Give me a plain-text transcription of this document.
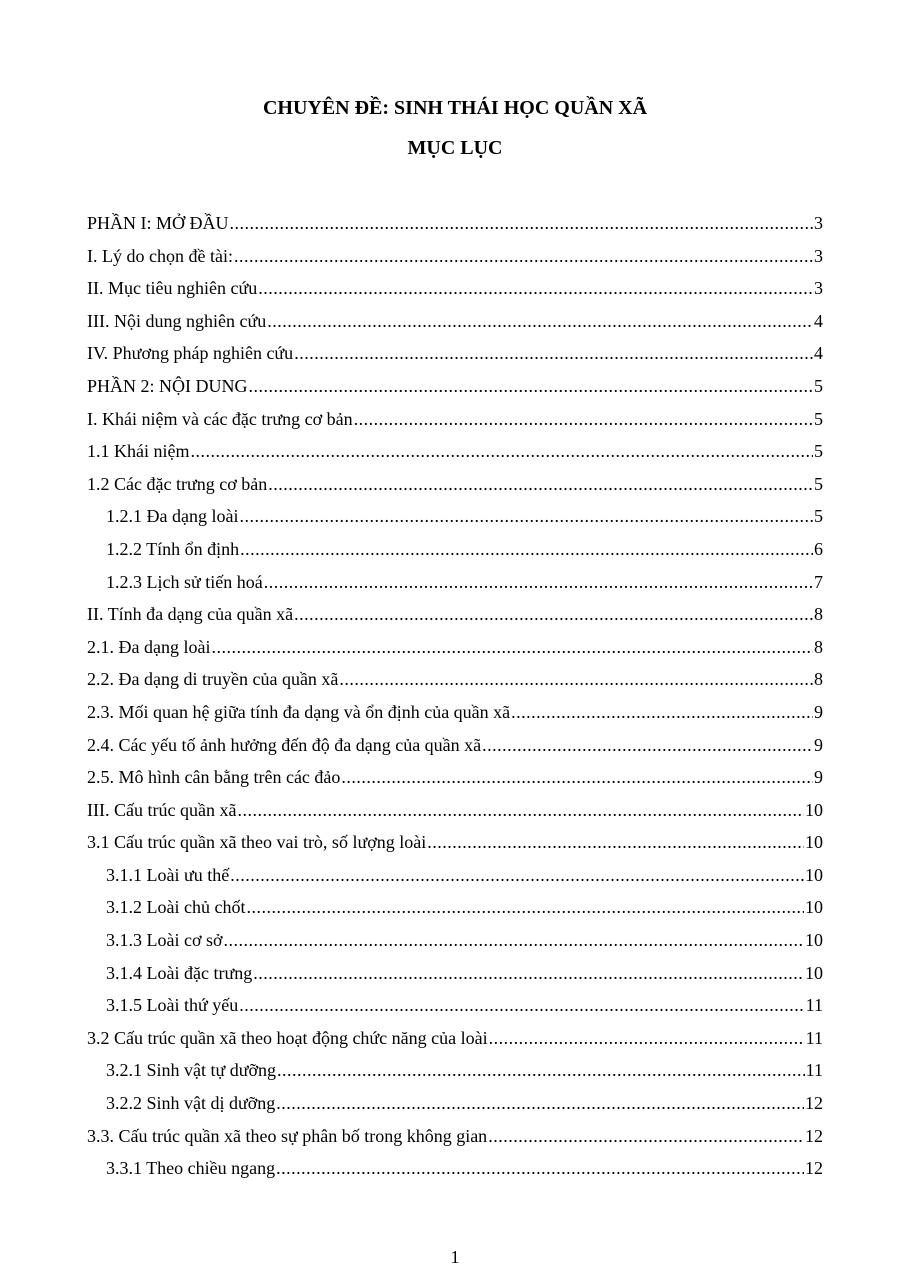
CHUYÊN ĐỀ: SINH THÁI HỌC QUẦN XÃ
MỤC LỤC
PHẦN I: MỞ ĐẦU .....	3
I. Lý do chọn đề tài: .....	3
II. Mục tiêu nghiên cứu .....	3
III. Nội dung nghiên cứu .....	4
IV. Phương pháp nghiên cứu .....	4
PHẦN 2: NỘI DUNG .....	5
I. Khái niệm và các đặc trưng cơ bản .....	5
1.1 Khái niệm .....	5
1.2 Các đặc trưng cơ bản .....	5
1.2.1 Đa dạng loài .....	5
1.2.2 Tính ổn định .....	6
1.2.3 Lịch sử tiến hoá .....	7
II. Tính đa dạng của quần xã .....	8
2.1. Đa dạng loài .....	8
2.2. Đa dạng di truyền của quần xã .....	8
2.3. Mối quan hệ giữa tính đa dạng và ổn định của quần xã .....	9
2.4. Các yếu tố ảnh hưởng đến độ đa dạng của quần xã .....	9
2.5. Mô hình cân bằng trên các đảo .....	9
III. Cấu trúc quần xã .....	10
3.1 Cấu trúc quần xã theo vai trò, số lượng loài .....	10
3.1.1 Loài ưu thế .....	10
3.1.2 Loài chủ chốt .....	10
3.1.3 Loài cơ sở .....	10
3.1.4 Loài đặc trưng .....	10
3.1.5 Loài thứ yếu .....	11
3.2 Cấu trúc quần xã theo hoạt động chức năng của loài .....	11
3.2.1 Sinh vật tự dưỡng .....	11
3.2.2 Sinh vật dị dưỡng .....	12
3.3. Cấu trúc quần xã theo sự phân bố trong không gian .....	12
3.3.1 Theo chiều ngang .....	12
1
